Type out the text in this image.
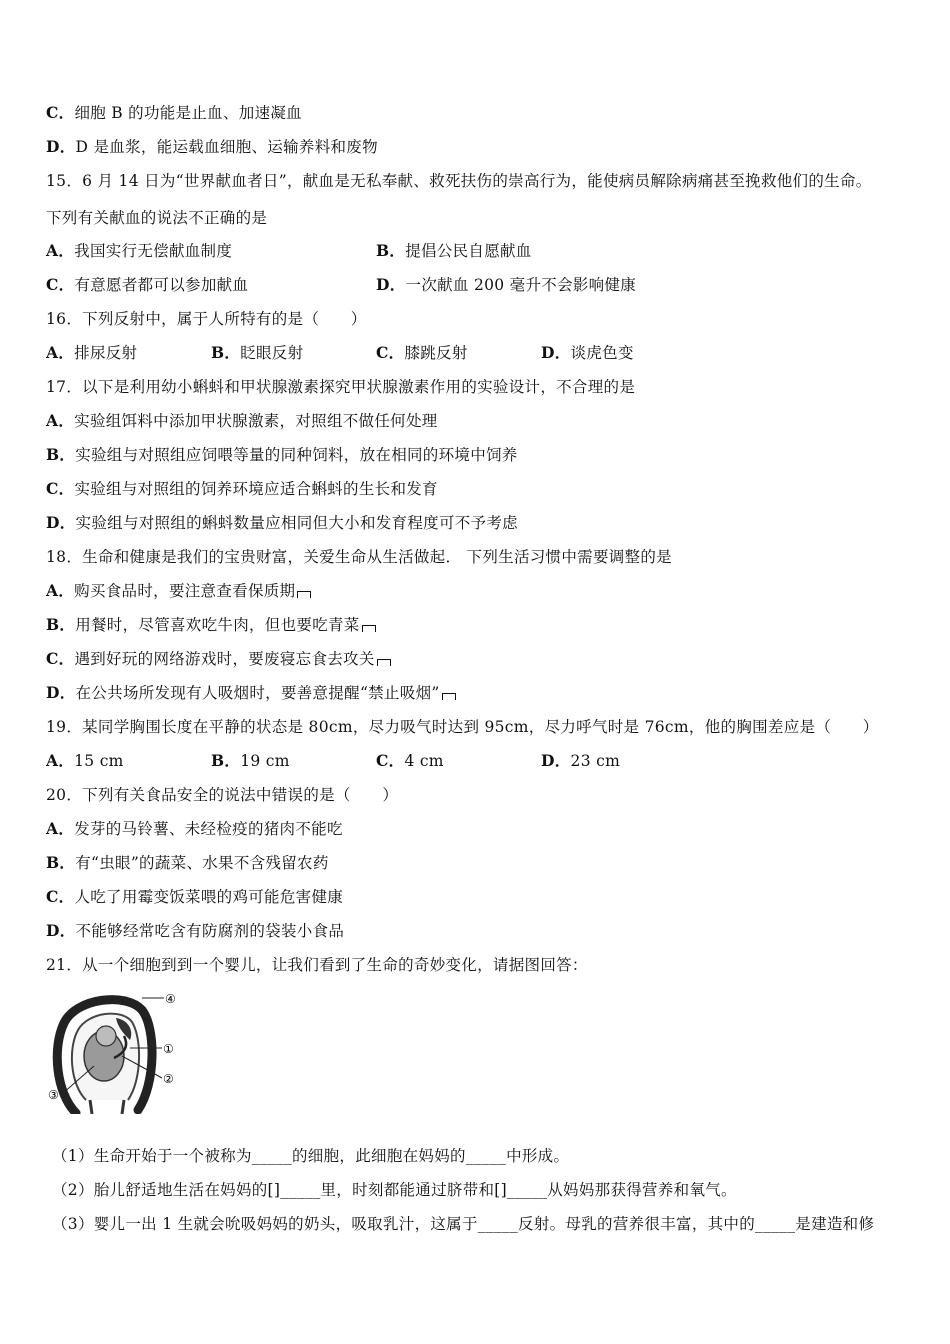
C．细胞 B 的功能是止血、加速凝血
D．D 是血浆，能运载血细胞、运输养料和废物
15．6 月 14 日为“世界献血者日”，献血是无私奉献、救死扶伤的崇高行为，能使病员解除病痛甚至挽救他们的生命。
下列有关献血的说法不正确的是
A．我国实行无偿献血制度	B．提倡公民自愿献血
C．有意愿者都可以参加献血	D．一次献血 200 毫升不会影响健康
16．下列反射中，属于人所特有的是（　　）
A．排尿反射	B．眨眼反射	C．膝跳反射	D．谈虎色变
17．以下是利用幼小蝌蚪和甲状腺激素探究甲状腺激素作用的实验设计，不合理的是
A．实验组饵料中添加甲状腺激素，对照组不做任何处理
B．实验组与对照组应饲喂等量的同种饲料，放在相同的环境中饲养
C．实验组与对照组的饲养环境应适合蝌蚪的生长和发育
D．实验组与对照组的蝌蚪数量应相同但大小和发育程度可不予考虑
18．生命和健康是我们的宝贵财富，关爱生命从生活做起． 下列生活习惯中需要调整的是
A．购买食品时，要注意查看保质期
B．用餐时，尽管喜欢吃牛肉，但也要吃青菜
C．遇到好玩的网络游戏时，要废寝忘食去攻关
D．在公共场所发现有人吸烟时，要善意提醒“禁止吸烟”
19．某同学胸围长度在平静的状态是 80cm，尽力吸气时达到 95cm，尽力呼气时是 76cm，他的胸围差应是（　　）
A．15 cm	B．19 cm	C．4 cm	D．23 cm
20．下列有关食品安全的说法中错误的是（　　）
A．发芽的马铃薯、未经检疫的猪肉不能吃
B．有“虫眼”的蔬菜、水果不含残留农药
C．人吃了用霉变饭菜喂的鸡可能危害健康
D．不能够经常吃含有防腐剂的袋装小食品
21．从一个细胞到到一个婴儿，让我们看到了生命的奇妙变化，请据图回答：
④
①
②
③
（1）生命开始于一个被称为_____的细胞，此细胞在妈妈的_____中形成。
（2）胎儿舒适地生活在妈妈的[]_____里，时刻都能通过脐带和[]_____从妈妈那获得营养和氧气。
（3）婴儿一出 1 生就会吮吸妈妈的奶头，吸取乳汁，这属于_____反射。母乳的营养很丰富，其中的_____是建造和修
